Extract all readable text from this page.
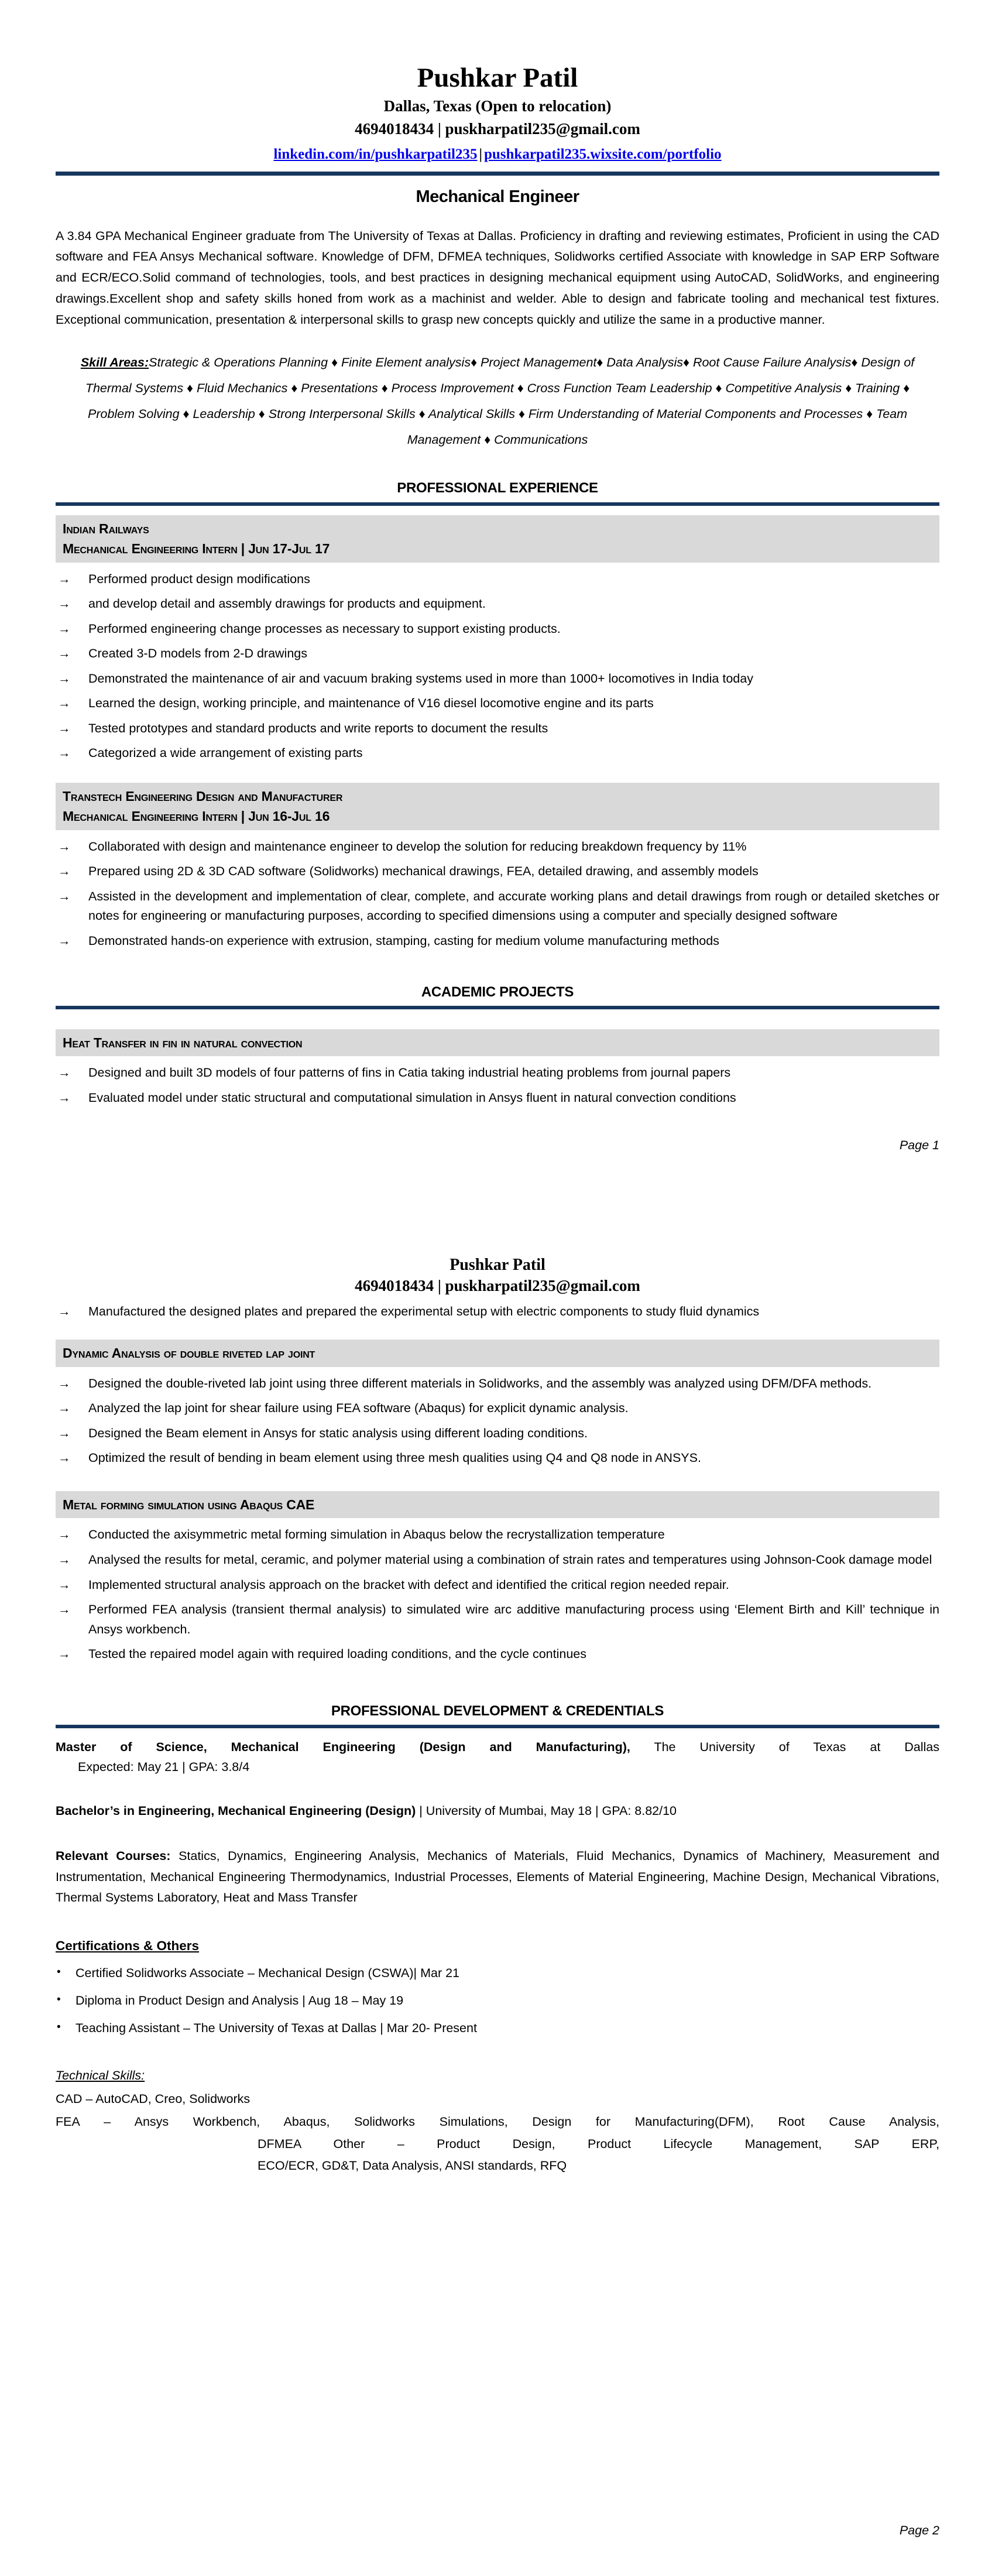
Pushkar Patil
Dallas, Texas (Open to relocation)
4694018434 | puskharpatil235@gmail.com
linkedin.com/in/pushkarpatil235 | pushkarpatil235.wixsite.com/portfolio
Mechanical Engineer
A 3.84 GPA Mechanical Engineer graduate from The University of Texas at Dallas. Proficiency in drafting and reviewing estimates, Proficient in using the CAD software and FEA Ansys Mechanical software. Knowledge of DFM, DFMEA techniques, Solidworks certified Associate with knowledge in SAP ERP Software and ECR/ECO.Solid command of technologies, tools, and best practices in designing mechanical equipment using AutoCAD, SolidWorks, and engineering drawings.Excellent shop and safety skills honed from work as a machinist and welder. Able to design and fabricate tooling and mechanical test fixtures. Exceptional communication, presentation & interpersonal skills to grasp new concepts quickly and utilize the same in a productive manner.
Skill Areas:Strategic & Operations Planning ♦ Finite Element analysis♦ Project Management♦ Data Analysis♦ Root Cause Failure Analysis♦ Design of Thermal Systems ♦ Fluid Mechanics ♦ Presentations ♦ Process Improvement ♦ Cross Function Team Leadership ♦ Competitive Analysis ♦ Training ♦ Problem Solving ♦ Leadership ♦ Strong Interpersonal Skills ♦ Analytical Skills ♦ Firm Understanding of Material Components and Processes ♦ Team Management ♦ Communications
PROFESSIONAL EXPERIENCE
Indian Railways
Mechanical Engineering Intern | Jun 17-Jul 17
→	Performed product design modifications
→	and develop detail and assembly drawings for products and equipment.
→	Performed engineering change processes as necessary to support existing products.
→	Created 3-D models from 2-D drawings
→	Demonstrated the maintenance of air and vacuum braking systems used in more than 1000+ locomotives in India today
→	Learned the design, working principle, and maintenance of V16 diesel locomotive engine and its parts
→	Tested prototypes and standard products and write reports to document the results
→	Categorized a wide arrangement of existing parts
Transtech Engineering Design and Manufacturer
Mechanical Engineering Intern | Jun 16-Jul 16
→	Collaborated with design and maintenance engineer to develop the solution for reducing breakdown frequency by 11%
→	Prepared using 2D & 3D CAD software (Solidworks) mechanical drawings, FEA, detailed drawing, and assembly models
→	Assisted in the development and implementation of clear, complete, and accurate working plans and detail drawings from rough or detailed sketches or notes for engineering or manufacturing purposes, according to specified dimensions using a computer and specially designed software
→	Demonstrated hands-on experience with extrusion, stamping, casting for medium volume manufacturing methods
ACADEMIC PROJECTS
Heat Transfer in fin in natural convection
→	Designed and built 3D models of four patterns of fins in Catia taking industrial heating problems from journal papers
→	Evaluated model under static structural and computational simulation in Ansys fluent in natural convection conditions
Page 1
Pushkar Patil
4694018434 | puskharpatil235@gmail.com
→	Manufactured the designed plates and prepared the experimental setup with electric components to study fluid dynamics
Dynamic Analysis of double riveted lap joint
→	Designed the double-riveted lab joint using three different materials in Solidworks, and the assembly was analyzed using DFM/DFA methods.
→	Analyzed the lap joint for shear failure using FEA software (Abaqus) for explicit dynamic analysis.
→	Designed the Beam element in Ansys for static analysis using different loading conditions.
→	Optimized the result of bending in beam element using three mesh qualities using Q4 and Q8 node in ANSYS.
Metal forming simulation using Abaqus CAE
→	Conducted the axisymmetric metal forming simulation in Abaqus below the recrystallization temperature
→	Analysed the results for metal, ceramic, and polymer material using a combination of strain rates and temperatures using Johnson-Cook damage model
→	Implemented structural analysis approach on the bracket with defect and identified the critical region needed repair.
→	Performed FEA analysis (transient thermal analysis) to simulated wire arc additive manufacturing process using ‘Element Birth and Kill’ technique in Ansys workbench.
→	Tested the repaired model again with required loading conditions, and the cycle continues
PROFESSIONAL DEVELOPMENT & CREDENTIALS
Master of Science, Mechanical Engineering (Design and Manufacturing), The University of Texas at Dallas
Expected: May 21 | GPA: 3.8/4
Bachelor’s in Engineering, Mechanical Engineering (Design) | University of Mumbai, May 18 | GPA: 8.82/10
Relevant Courses: Statics, Dynamics, Engineering Analysis, Mechanics of Materials, Fluid Mechanics, Dynamics of Machinery, Measurement and Instrumentation, Mechanical Engineering Thermodynamics, Industrial Processes, Elements of Material Engineering, Machine Design, Mechanical Vibrations, Thermal Systems Laboratory, Heat and Mass Transfer
Certifications & Others
•	Certified Solidworks Associate – Mechanical Design (CSWA)| Mar 21
•	Diploma in Product Design and Analysis | Aug 18 – May 19
•	Teaching Assistant – The University of Texas at Dallas | Mar 20- Present
Technical Skills:
CAD – AutoCAD, Creo, Solidworks
FEA – Ansys Workbench, Abaqus, Solidworks Simulations, Design for Manufacturing(DFM), Root Cause Analysis,
DFMEA Other – Product Design, Product Lifecycle Management, SAP ERP,
ECO/ECR, GD&T, Data Analysis, ANSI standards, RFQ
Page 2
